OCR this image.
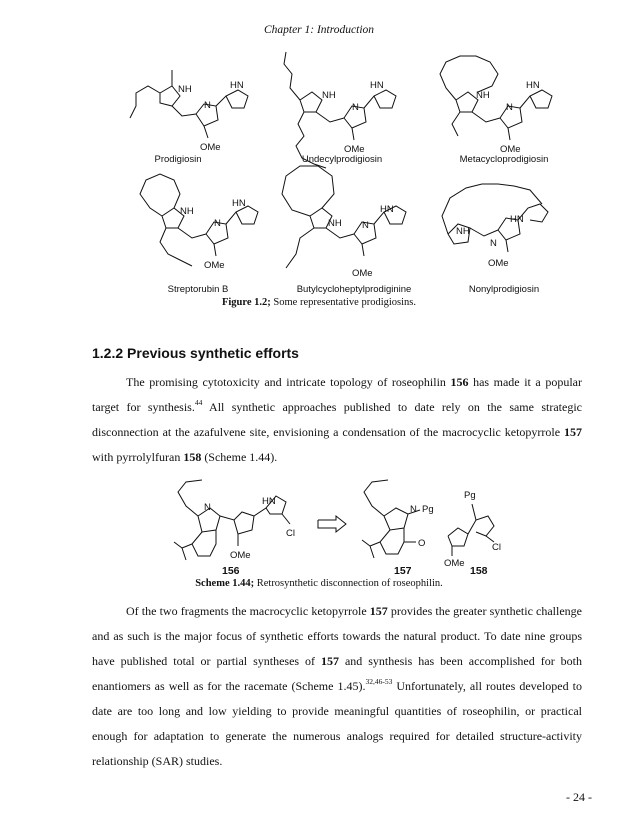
Chapter 1: Introduction
NH	HN
N
OMe
NH
HN
N
OMe
NH
HN
N
OMe
NH
HN
N
OMe
NH
HN
N
OMe
NH
HN
N
OMe
Prodigiosin	Undecylprodigiosin	Metacycloprodigiosin
Streptorubin B	Butylcycloheptylprodiginine	Nonylprodigiosin
Figure 1.2; Some representative prodigiosins.
1.2.2 Previous synthetic efforts
The promising cytotoxicity and intricate topology of roseophilin 156 has made it a popular target for synthesis.$^{44}$ All synthetic approaches published to date rely on the same strategic disconnection at the azafulvene site, envisioning a condensation of the macrocyclic ketopyrrole 157 with pyrrolylfuran 158 (Scheme 1.44).
N
HN
Cl
OMe
N Pg
O
Pg
Cl
OMe
156	157	158
Scheme 1.44; Retrosynthetic disconnection of roseophilin.
Of the two fragments the macrocyclic ketopyrrole 157 provides the greater synthetic challenge and as such is the major focus of synthetic efforts towards the natural product. To date nine groups have published total or partial syntheses of 157 and synthesis has been accomplished for both enantiomers as well as for the racemate (Scheme 1.45).$^{32,46-53}$ Unfortunately, all routes developed to date are too long and low yielding to provide meaningful quantities of roseophilin, or practical enough for adaptation to generate the numerous analogs required for detailed structure-activity relationship (SAR) studies.
- 24 -
